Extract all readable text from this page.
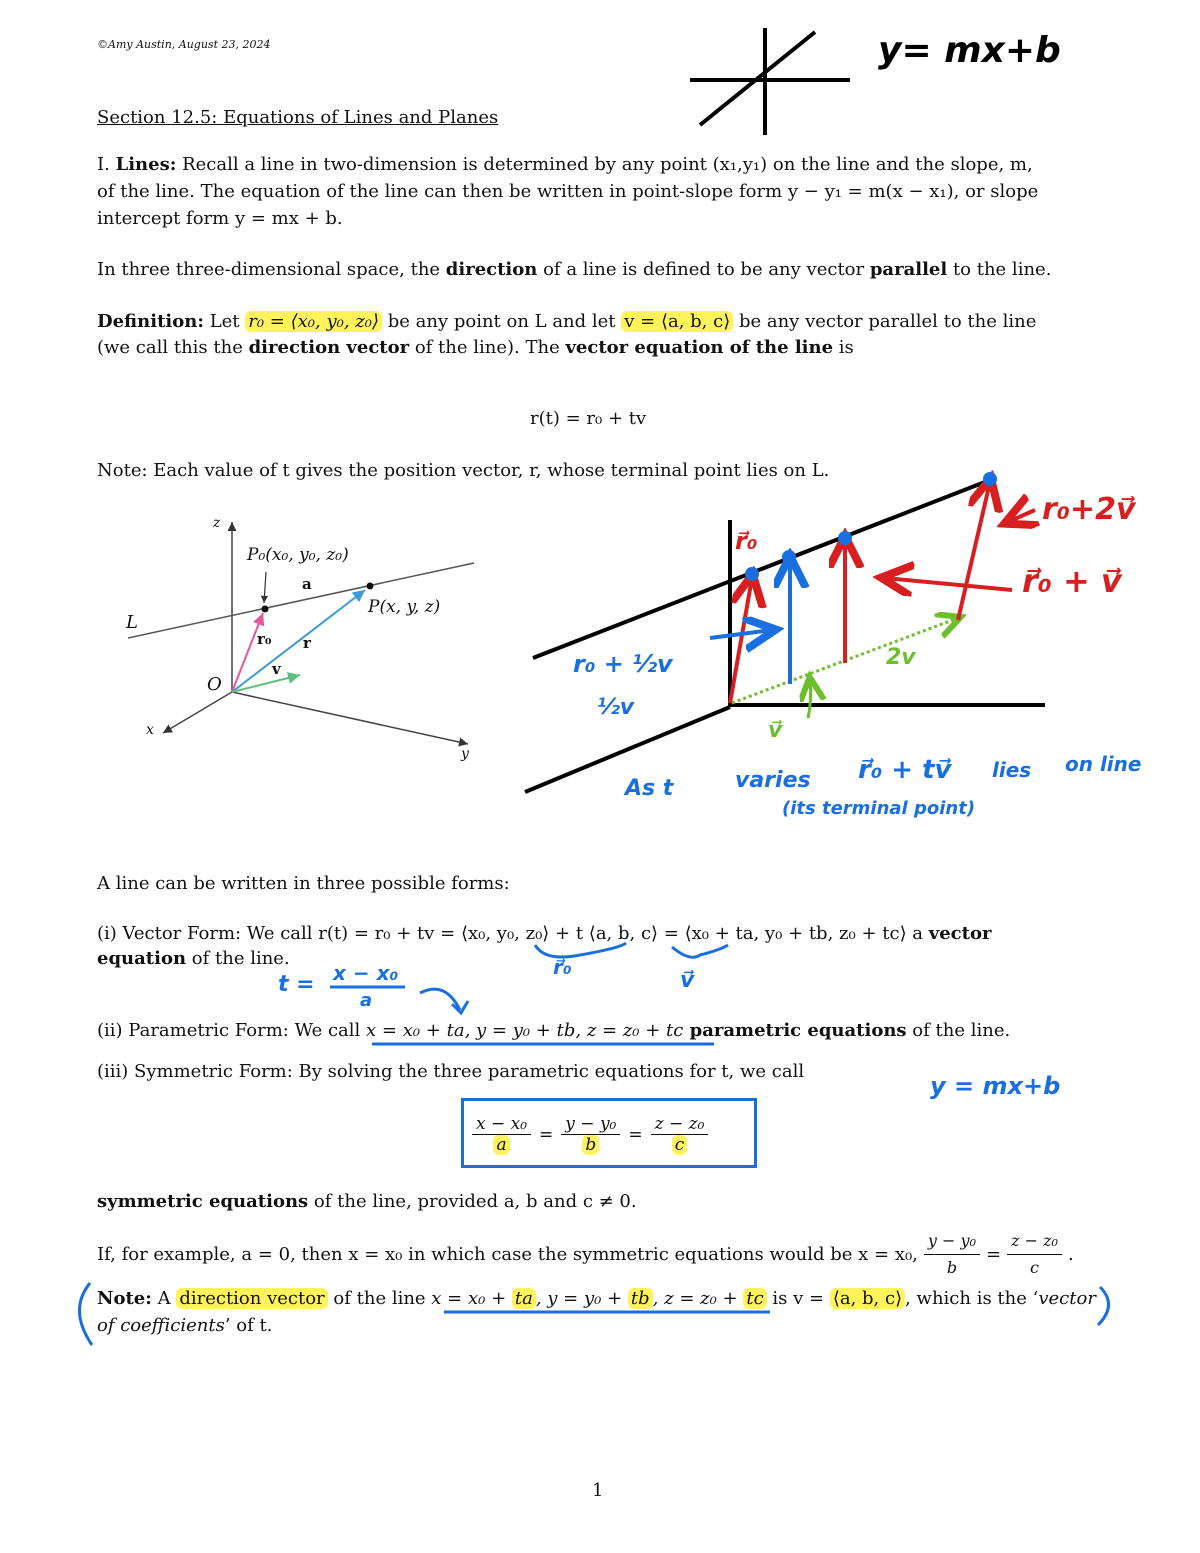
©Amy Austin, August 23, 2024	y= mx+b
Section 12.5: Equations of Lines and Planes
I. Lines: Recall a line in two-dimension is determined by any point (x₁,y₁) on the line and the slope, m,
of the line. The equation of the line can then be written in point-slope form y − y₁ = m(x − x₁), or slope
intercept form y = mx + b.
In three three-dimensional space, the direction of a line is defined to be any vector parallel to the line.
Definition: Let r₀ = ⟨x₀, y₀, z₀⟩ be any point on L and let v = ⟨a, b, c⟩ be any vector parallel to the line
(we call this the direction vector of the line). The vector equation of the line is
r(t) = r₀ + tv
Note: Each value of t gives the position vector, r, whose terminal point lies on L.
z
x
y
L
O
P₀(x₀, y₀, z₀)
a
P(x, y, z)
r₀ r
v
r⃗₀
r₀+2v⃗
r⃗₀ + v⃗
r₀ + ½v
½v
2v
v⃗
As t	varies r⃗₀ + tv⃗ lies on line
(its terminal point)
A line can be written in three possible forms:
(i) Vector Form: We call r(t) = r₀ + tv = ⟨x₀, y₀, z₀⟩ + t ⟨a, b, c⟩ = ⟨x₀ + ta, y₀ + tb, z₀ + tc⟩ a vector
equation of the line.	r⃗₀
v⃗
t = x − x₀
a
(ii) Parametric Form: We call x = x₀ + ta, y = y₀ + tb, z = z₀ + tc parametric equations of the line.
(iii) Symmetric Form: By solving the three parametric equations for t, we call
y = mx+b
$\frac{\text{x − x₀}}{a} = \frac{\text{y − y₀}}{b} = \frac{\text{z − z₀}}{c}$
symmetric equations of the line, provided a, b and c ≠ 0.
If, for example, a = 0, then x = x₀ in which case the symmetric equations would be x = x₀, $\frac{\text{y − y₀}}{b} = \frac{\text{z − z₀}}{c}$ .
Note: A direction vector of the line x = x₀ + ta , y = y₀ + tb , z = z₀ + tc is v = ⟨a, b, c⟩ , which is the ‘vector
of coefficients’ of t.
1
